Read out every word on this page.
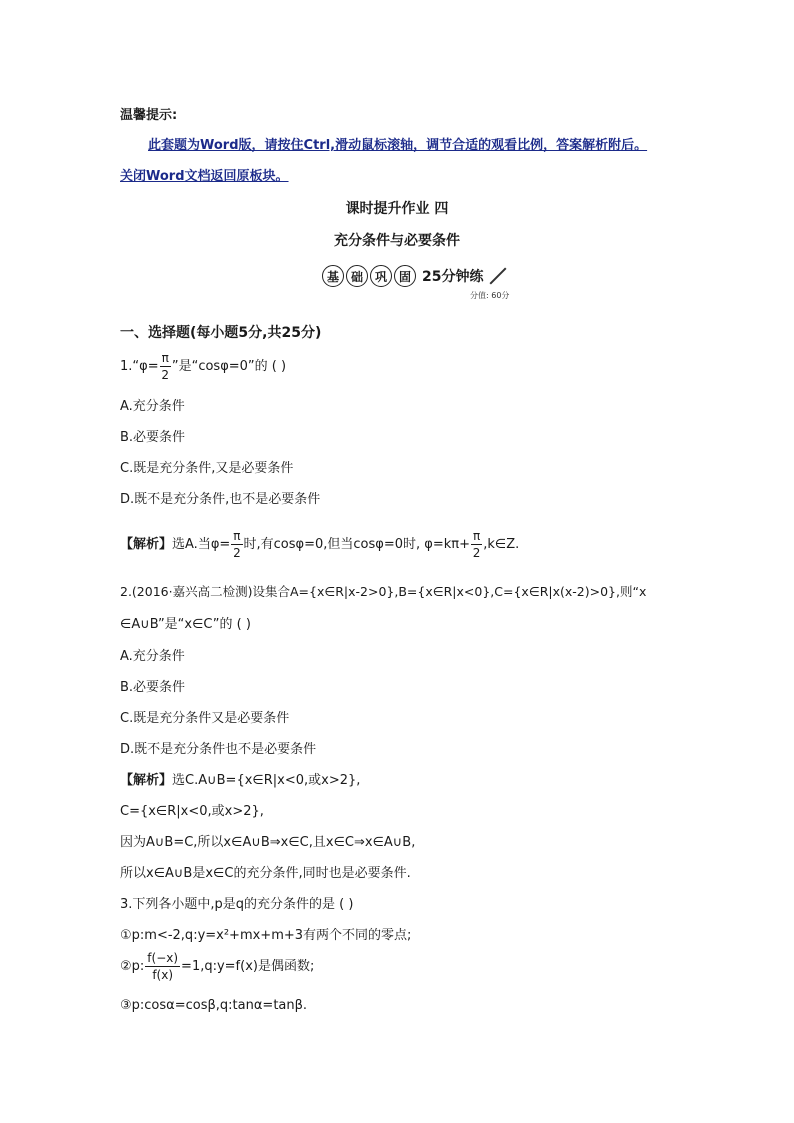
温馨提示:
此套题为Word版，请按住Ctrl,滑动鼠标滚轴，调节合适的观看比例，答案解析附后。
关闭Word文档返回原板块。
课时提升作业 四
充分条件与必要条件
基 础 巩 固 25分钟练
分值: 60分
一、选择题(每小题5分,共25分)
1.“φ= $\frac{\pi}{2}$ ”是“cosφ=0”的 ( )
A.充分条件
B.必要条件
C.既是充分条件,又是必要条件
D.既不是充分条件,也不是必要条件
【解析】选A.当$\varphi= \frac{\pi}{2}$ 时,有cosφ=0,但当cosφ=0时, $\varphi=k\pi+ \frac{\pi}{2}$ ,k∈Z.
2.(2016·嘉兴高二检测)设集合A={x∈R|x-2>0},B={x∈R|x<0},C={x∈R|x(x-2)>0},则“x
∈A∪B”是“x∈C”的 ( )
A.充分条件
B.必要条件
C.既是充分条件又是必要条件
D.既不是充分条件也不是必要条件
【解析】选C.A∪B={x∈R|x<0,或x>2},
C={x∈R|x<0,或x>2},
因为A∪B=C,所以x∈A∪B⇒x∈C,且x∈C⇒x∈A∪B,
所以x∈A∪B是x∈C的充分条件,同时也是必要条件.
3.下列各小题中,p是q的充分条件的是 ( )
①p:m<-2,q:y=x²+mx+m+3有两个不同的零点;
②p: $\frac{f(-x)}{f(x)}$ =1,q:y=f(x)是偶函数;
③p:cosα=cosβ,q:tanα=tanβ.
